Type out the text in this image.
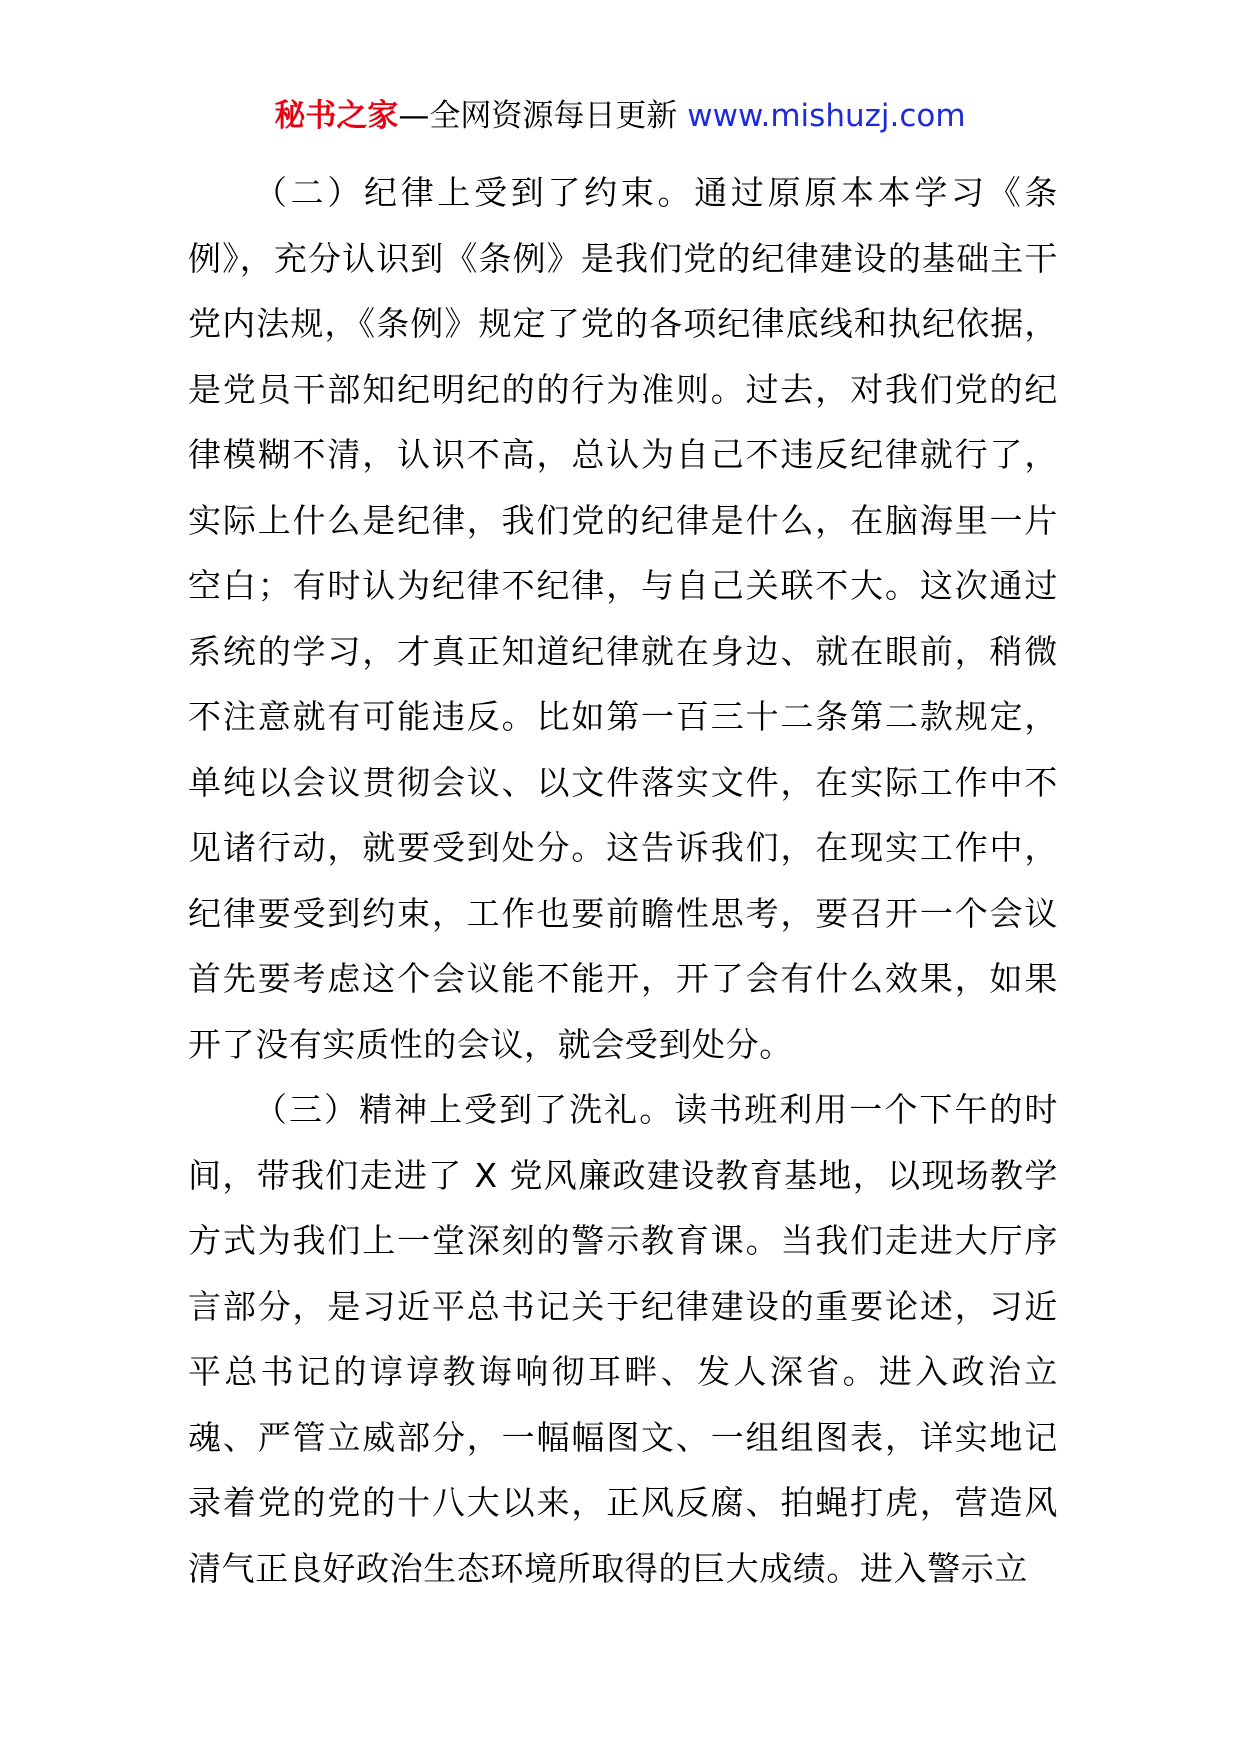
秘书之家—全网资源每日更新 www.mishuzj.com

（二）纪律上受到了约束。通过原原本本学习《条例》，充分认识到《条例》是我们党的纪律建设的基础主干党内法规，《条例》规定了党的各项纪律底线和执纪依据，是党员干部知纪明纪的的行为准则。过去，对我们党的纪律模糊不清，认识不高，总认为自己不违反纪律就行了，实际上什么是纪律，我们党的纪律是什么，在脑海里一片空白；有时认为纪律不纪律，与自己关联不大。这次通过系统的学习，才真正知道纪律就在身边、就在眼前，稍微不注意就有可能违反。比如第一百三十二条第二款规定，单纯以会议贯彻会议、以文件落实文件，在实际工作中不见诸行动，就要受到处分。这告诉我们，在现实工作中，纪律要受到约束，工作也要前瞻性思考，要召开一个会议首先要考虑这个会议能不能开，开了会有什么效果，如果开了没有实质性的会议，就会受到处分。

（三）精神上受到了洗礼。读书班利用一个下午的时间，带我们走进了 X 党风廉政建设教育基地，以现场教学方式为我们上一堂深刻的警示教育课。当我们走进大厅序言部分，是习近平总书记关于纪律建设的重要论述，习近平总书记的谆谆教诲响彻耳畔、发人深省。进入政治立魂、严管立威部分，一幅幅图文、一组组图表，详实地记录着党的党的十八大以来，正风反腐、拍蝇打虎，营造风清气正良好政治生态环境所取得的巨大成绩。进入警示立
